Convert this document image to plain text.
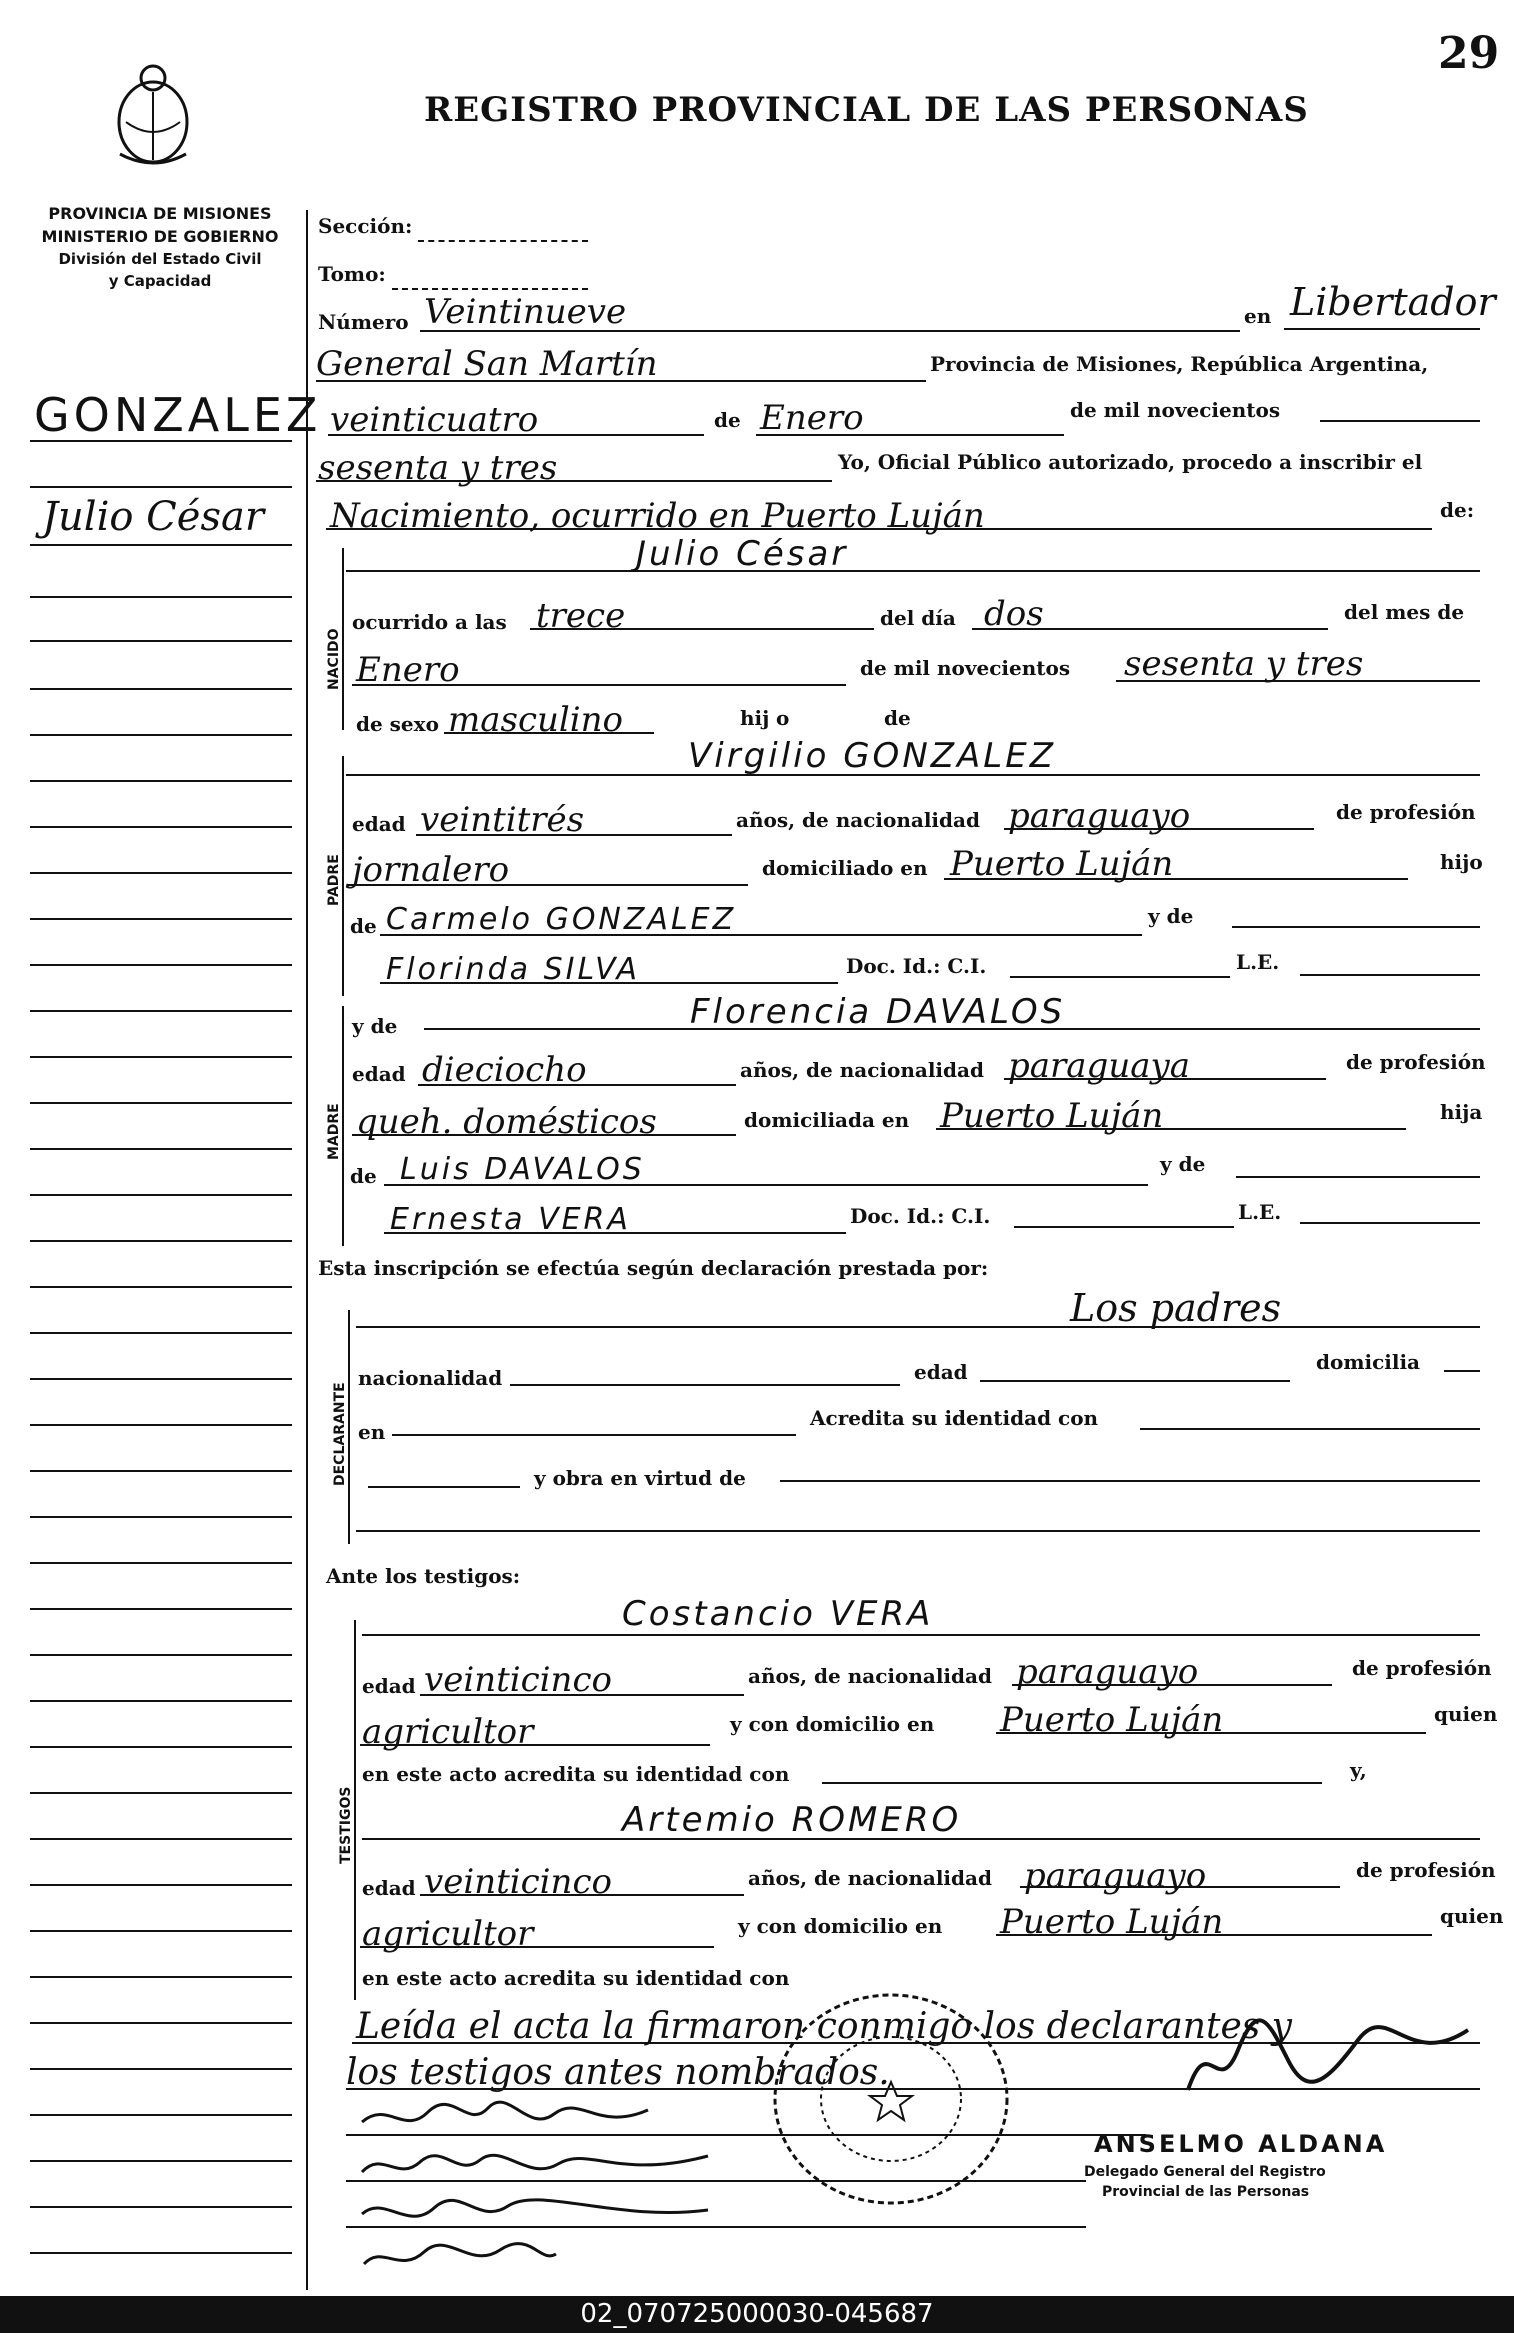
29
REGISTRO PROVINCIAL DE LAS PERSONAS
PROVINCIA DE MISIONES
MINISTERIO DE GOBIERNO
División del Estado Civil
y Capacidad
GONZALEZ
Julio César
Sección:
Tomo:
Número Veintinueve	en Libertador
General San Martín	Provincia de Misiones, República Argentina,
veinticuatro	de Enero	de mil novecientos
sesenta y tres	Yo, Oficial Público autorizado, procedo a inscribir el
Nacimiento, ocurrido en Puerto Luján	de:
NACIDO
Julio César
ocurrido a las trece	del día dos	del mes de
Enero	de mil novecientos sesenta y tres
de sexo masculino	hij o	de
PADRE
Virgilio GONZALEZ
edad veintitrés	años, de nacionalidad paraguayo	de profesión
jornalero	domiciliado en Puerto Luján	hijo
de Carmelo GONZALEZ	y de
Florinda SILVA	Doc. Id.: C.I.	L.E.
MADRE
y de	Florencia DAVALOS
edad dieciocho	años, de nacionalidad paraguaya	de profesión
queh. domésticos	domiciliada en Puerto Luján	hija
de Luis DAVALOS	y de
Ernesta VERA	Doc. Id.: C.I.	L.E.
Esta inscripción se efectúa según declaración prestada por:
DECLARANTE
Los padres
nacionalidad	edad	domicilia
en
Acredita su identidad con
y obra en virtud de
Ante los testigos:
TESTIGOS
Costancio VERA
edad veinticinco	años, de nacionalidad paraguayo	de profesión
agricultor	y con domicilio en Puerto Luján	quien
en este acto acredita su identidad con	y,
Artemio ROMERO
edad veinticinco	años, de nacionalidad paraguayo	de profesión
agricultor	y con domicilio en Puerto Luján	quien
en este acto acredita su identidad con
Leída el acta la firmaron conmigo los declarantes y
los testigos antes nombrados.
ANSELMO ALDANA
Delegado General del Registro
Provincial de las Personas
02_070725000030-045687
